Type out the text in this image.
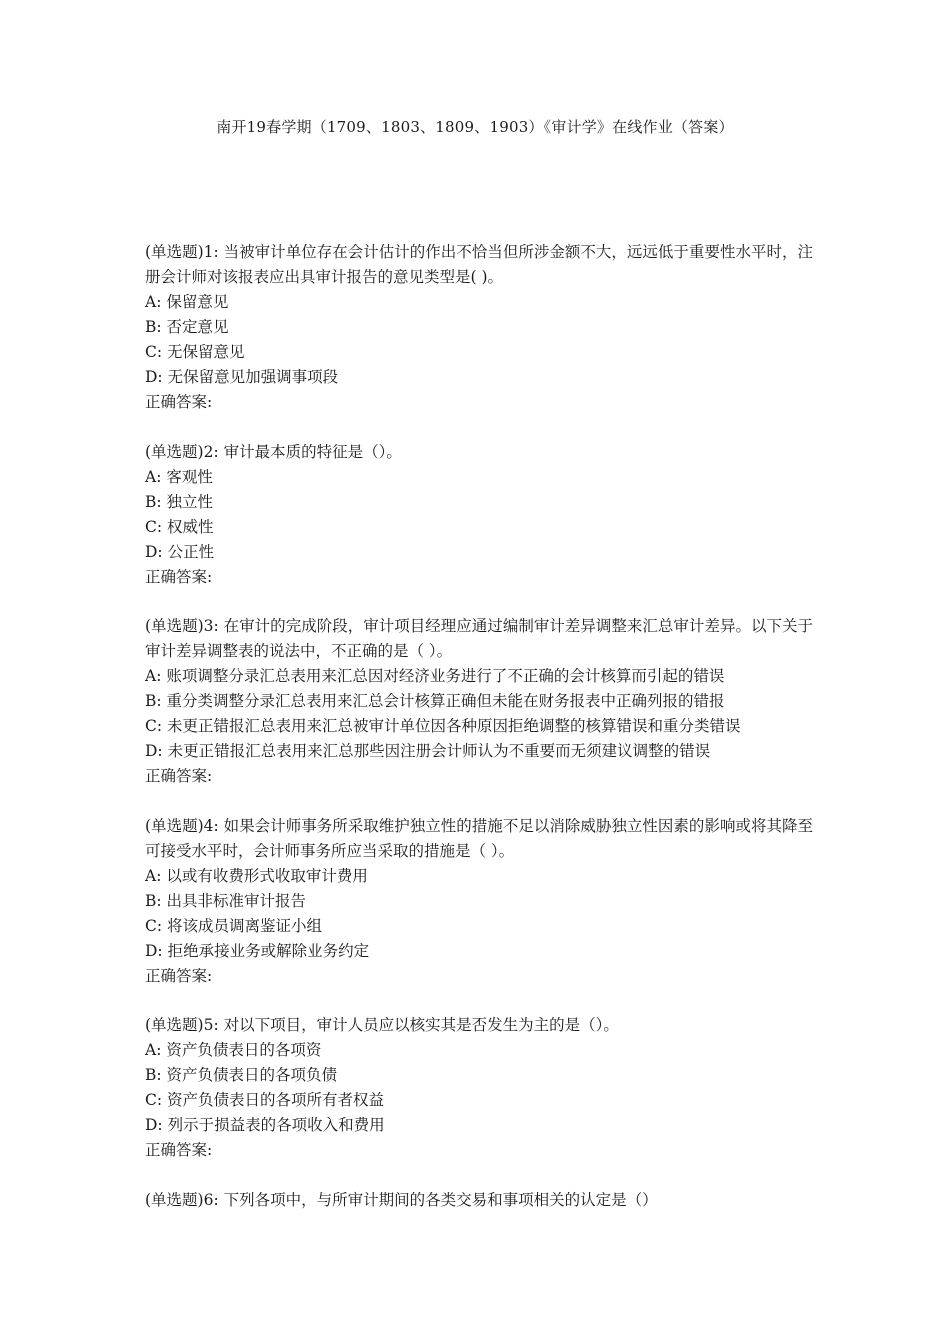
南开19春学期（1709、1803、1809、1903）《审计学》在线作业（答案）
(单选题)1: 当被审计单位存在会计估计的作出不恰当但所涉金额不大，远远低于重要性水平时，注册会计师对该报表应出具审计报告的意见类型是( )。
A: 保留意见
B: 否定意见
C: 无保留意见
D: 无保留意见加强调事项段
正确答案:
(单选题)2: 审计最本质的特征是（）。
A: 客观性
B: 独立性
C: 权威性
D: 公正性
正确答案:
(单选题)3: 在审计的完成阶段，审计项目经理应通过编制审计差异调整来汇总审计差异。以下关于审计差异调整表的说法中，不正确的是（ ）。
A: 账项调整分录汇总表用来汇总因对经济业务进行了不正确的会计核算而引起的错误
B: 重分类调整分录汇总表用来汇总会计核算正确但未能在财务报表中正确列报的错报
C: 未更正错报汇总表用来汇总被审计单位因各种原因拒绝调整的核算错误和重分类错误
D: 未更正错报汇总表用来汇总那些因注册会计师认为不重要而无须建议调整的错误
正确答案:
(单选题)4: 如果会计师事务所采取维护独立性的措施不足以消除威胁独立性因素的影响或将其降至可接受水平时，会计师事务所应当采取的措施是（ ）。
A: 以或有收费形式收取审计费用
B: 出具非标准审计报告
C: 将该成员调离鉴证小组
D: 拒绝承接业务或解除业务约定
正确答案:
(单选题)5: 对以下项目，审计人员应以核实其是否发生为主的是（）。
A: 资产负债表日的各项资
B: 资产负债表日的各项负债
C: 资产负债表日的各项所有者权益
D: 列示于损益表的各项收入和费用
正确答案:
(单选题)6: 下列各项中，与所审计期间的各类交易和事项相关的认定是（）
